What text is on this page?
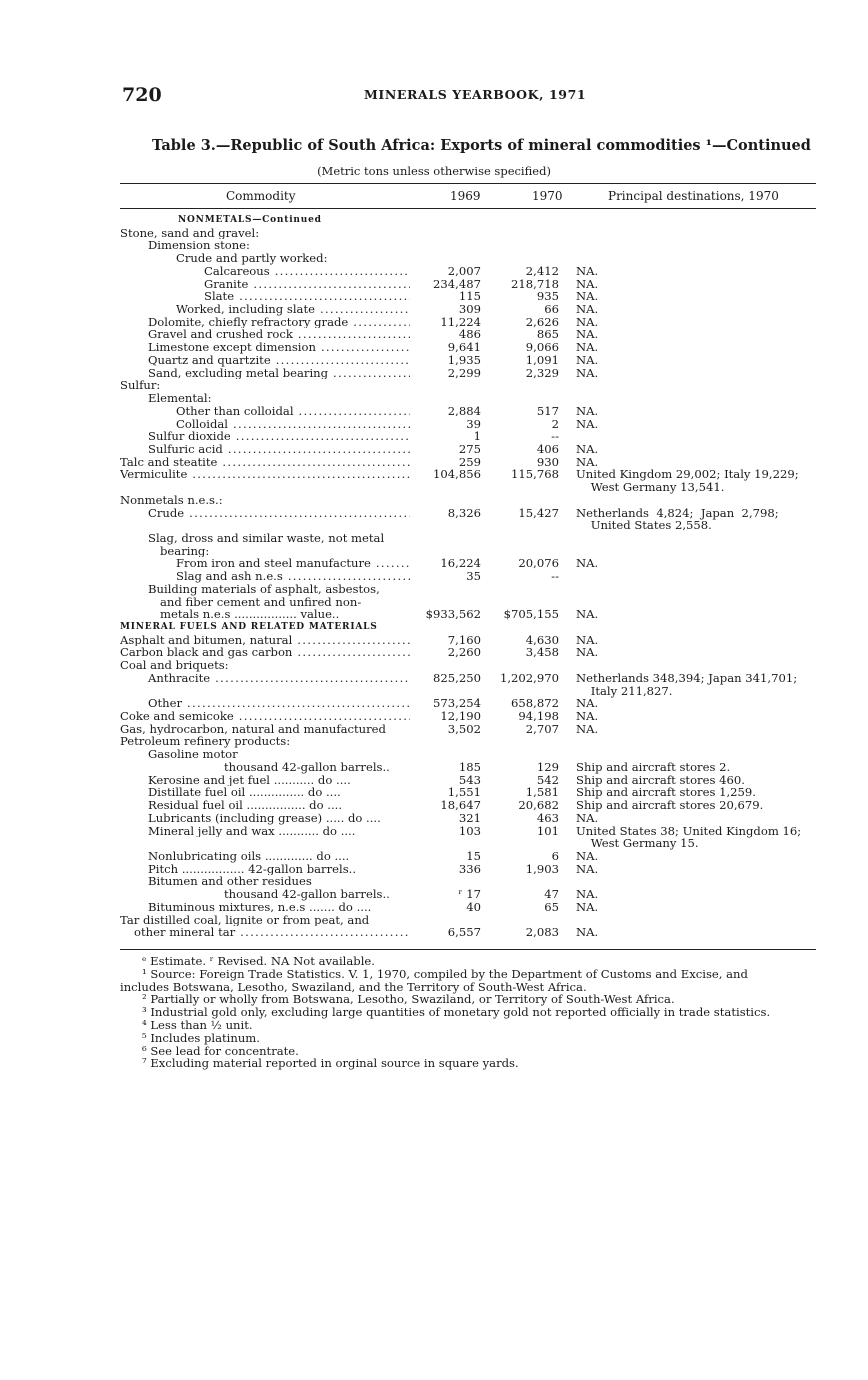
720	MINERALS YEARBOOK, 1971
Table 3.—Republic of South Africa: Exports of mineral commodities ¹—Continued
(Metric tons unless otherwise specified)
Commodity	1969	1970	Principal destinations, 1970
NONMETALS—Continued
Stone, sand and gravel:
Dimension stone:
Crude and partly worked:
Calcareous .....	2,007	2,412 NA.
Granite .....	234,487	218,718 NA.
Slate .....	115	935 NA.
Worked, including slate .....	309	66 NA.
Dolomite, chiefly refractory grade .....	11,224	2,626 NA.
Gravel and crushed rock .....	486	865 NA.
Limestone except dimension .....	9,641	9,066 NA.
Quartz and quartzite .....	1,935	1,091 NA.
Sand, excluding metal bearing .....	2,299	2,329 NA.
Sulfur:
Elemental:
Other than colloidal .....	2,884	517 NA.
Colloidal .....	39	2 NA.
Sulfur dioxide .....	1	--
Sulfuric acid .....	275	406 NA.
Talc and steatite .....	259	930 NA.
Vermiculite .....	104,856	115,768 United Kingdom 29,002; Italy 19,229;
West Germany 13,541.
Nonmetals n.e.s.:
Crude .....	8,326	15,427 Netherlands  4,824;  Japan  2,798;
United States 2,558.
Slag, dross and similar waste, not metal
bearing:
From iron and steel manufacture .....	16,224	20,076 NA.
Slag and ash n.e.s .....	35	--
Building materials of asphalt, asbestos,
and fiber cement and unfired non-
metals n.e.s ................. value..	$933,562 $705,155 NA.
MINERAL FUELS AND RELATED MATERIALS
Asphalt and bitumen, natural .....	7,160	4,630 NA.
Carbon black and gas carbon .....	2,260	3,458 NA.
Coal and briquets:
Anthracite .....	825,250 1,202,970 Netherlands 348,394; Japan 341,701;
Italy 211,827.
Other .....	573,254	658,872 NA.
Coke and semicoke .....	12,190	94,198 NA.
Gas, hydrocarbon, natural and manufactured	3,502	2,707 NA.
Petroleum refinery products:
Gasoline motor
thousand 42-gallon barrels..	185	129 Ship and aircraft stores 2.
Kerosine and jet fuel ........... do ....	543	542 Ship and aircraft stores 460.
Distillate fuel oil ............... do ....	1,551	1,581 Ship and aircraft stores 1,259.
Residual fuel oil ................ do ....	18,647	20,682 Ship and aircraft stores 20,679.
Lubricants (including grease) ..... do ....	321	463 NA.
Mineral jelly and wax ........... do ....	103	101 United States 38; United Kingdom 16;
West Germany 15.
Nonlubricating oils ............. do ....	15	6 NA.
Pitch ................. 42-gallon barrels..	336	1,903 NA.
Bitumen and other residues
thousand 42-gallon barrels..	ʳ 17	47 NA.
Bituminous mixtures, n.e.s ....... do ....	40	65 NA.
Tar distilled coal, lignite or from peat, and
other mineral tar .....	6,557	2,083 NA.
ᵉ Estimate. ʳ Revised. NA Not available.
¹ Source: Foreign Trade Statistics. V. 1, 1970, compiled by the Department of Customs and Excise, and
includes Botswana, Lesotho, Swaziland, and the Territory of South-West Africa.
² Partially or wholly from Botswana, Lesotho, Swaziland, or Territory of South-West Africa.
³ Industrial gold only, excluding large quantities of monetary gold not reported officially in trade statistics.
⁴ Less than ½ unit.
⁵ Includes platinum.
⁶ See lead for concentrate.
⁷ Excluding material reported in orginal source in square yards.
